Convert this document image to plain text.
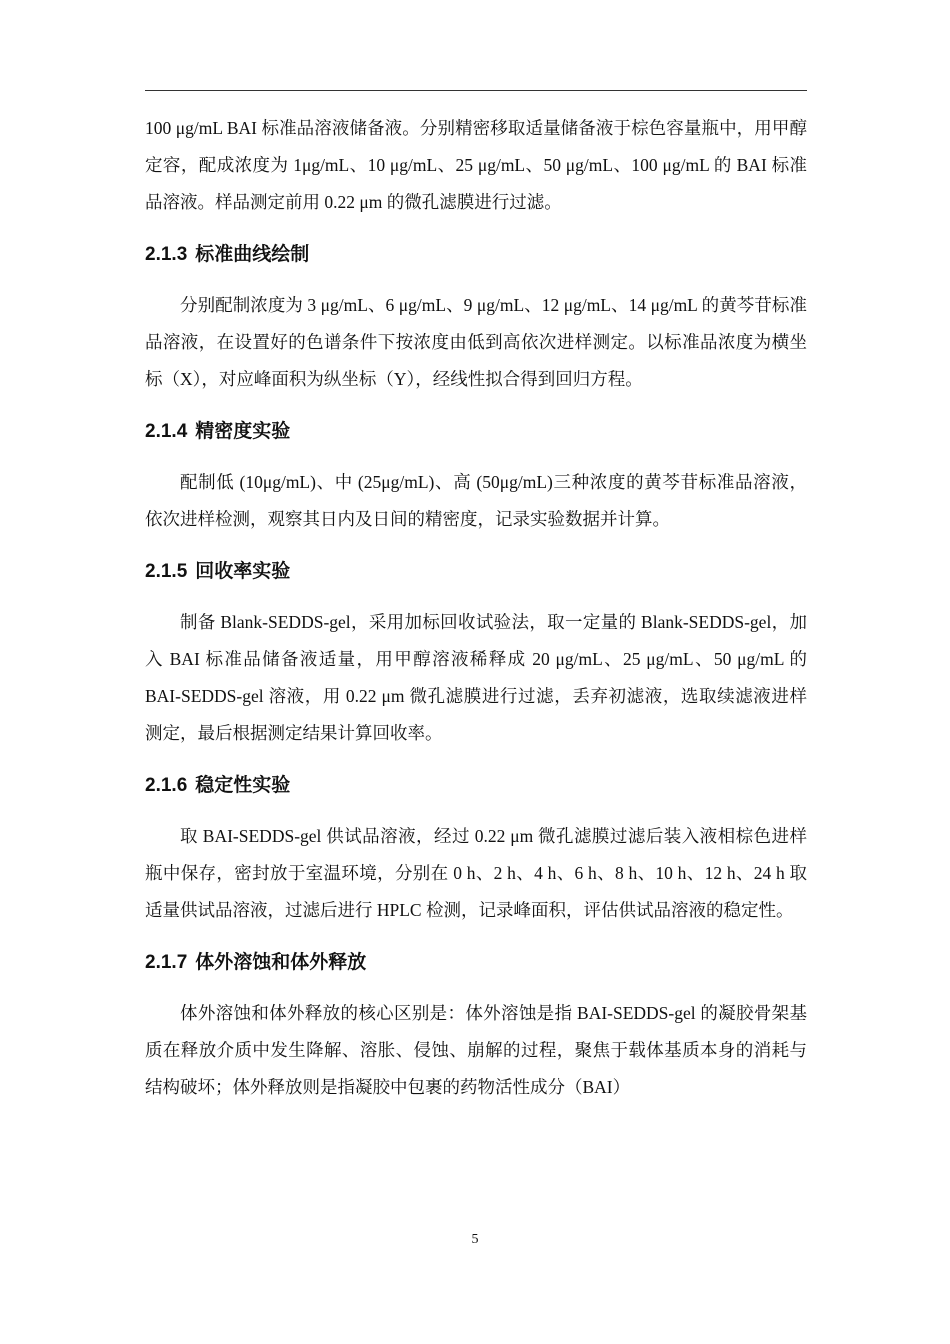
100 μg/mL BAI 标准品溶液储备液。分别精密移取适量储备液于棕色容量瓶中，用甲醇定容，配成浓度为 1μg/mL、10 μg/mL、25 μg/mL、50 μg/mL、100 μg/mL 的 BAI 标准品溶液。样品测定前用 0.22 μm 的微孔滤膜进行过滤。

2.1.3 标准曲线绘制

分别配制浓度为 3 μg/mL、6 μg/mL、9 μg/mL、12 μg/mL、14 μg/mL 的黄芩苷标准品溶液，在设置好的色谱条件下按浓度由低到高依次进样测定。以标准品浓度为横坐标（X），对应峰面积为纵坐标（Y），经线性拟合得到回归方程。

2.1.4 精密度实验

配制低 (10μg/mL)、中 (25μg/mL)、高 (50μg/mL)三种浓度的黄芩苷标准品溶液，依次进样检测，观察其日内及日间的精密度，记录实验数据并计算。

2.1.5 回收率实验

制备 Blank-SEDDS-gel，采用加标回收试验法，取一定量的 Blank-SEDDS-gel，加入 BAI 标准品储备液适量，用甲醇溶液稀释成 20 μg/mL、25 μg/mL、50 μg/mL 的 BAI-SEDDS-gel 溶液，用 0.22 μm 微孔滤膜进行过滤，丢弃初滤液，选取续滤液进样测定，最后根据测定结果计算回收率。

2.1.6 稳定性实验

取 BAI-SEDDS-gel 供试品溶液，经过 0.22 μm 微孔滤膜过滤后装入液相棕色进样瓶中保存，密封放于室温环境，分别在 0 h、2 h、4 h、6 h、8 h、10 h、12 h、24 h 取适量供试品溶液，过滤后进行 HPLC 检测，记录峰面积，评估供试品溶液的稳定性。

2.1.7 体外溶蚀和体外释放

体外溶蚀和体外释放的核心区别是：体外溶蚀是指 BAI-SEDDS-gel 的凝胶骨架基质在释放介质中发生降解、溶胀、侵蚀、崩解的过程，聚焦于载体基质本身的消耗与结构破坏；体外释放则是指凝胶中包裹的药物活性成分（BAI）

5
